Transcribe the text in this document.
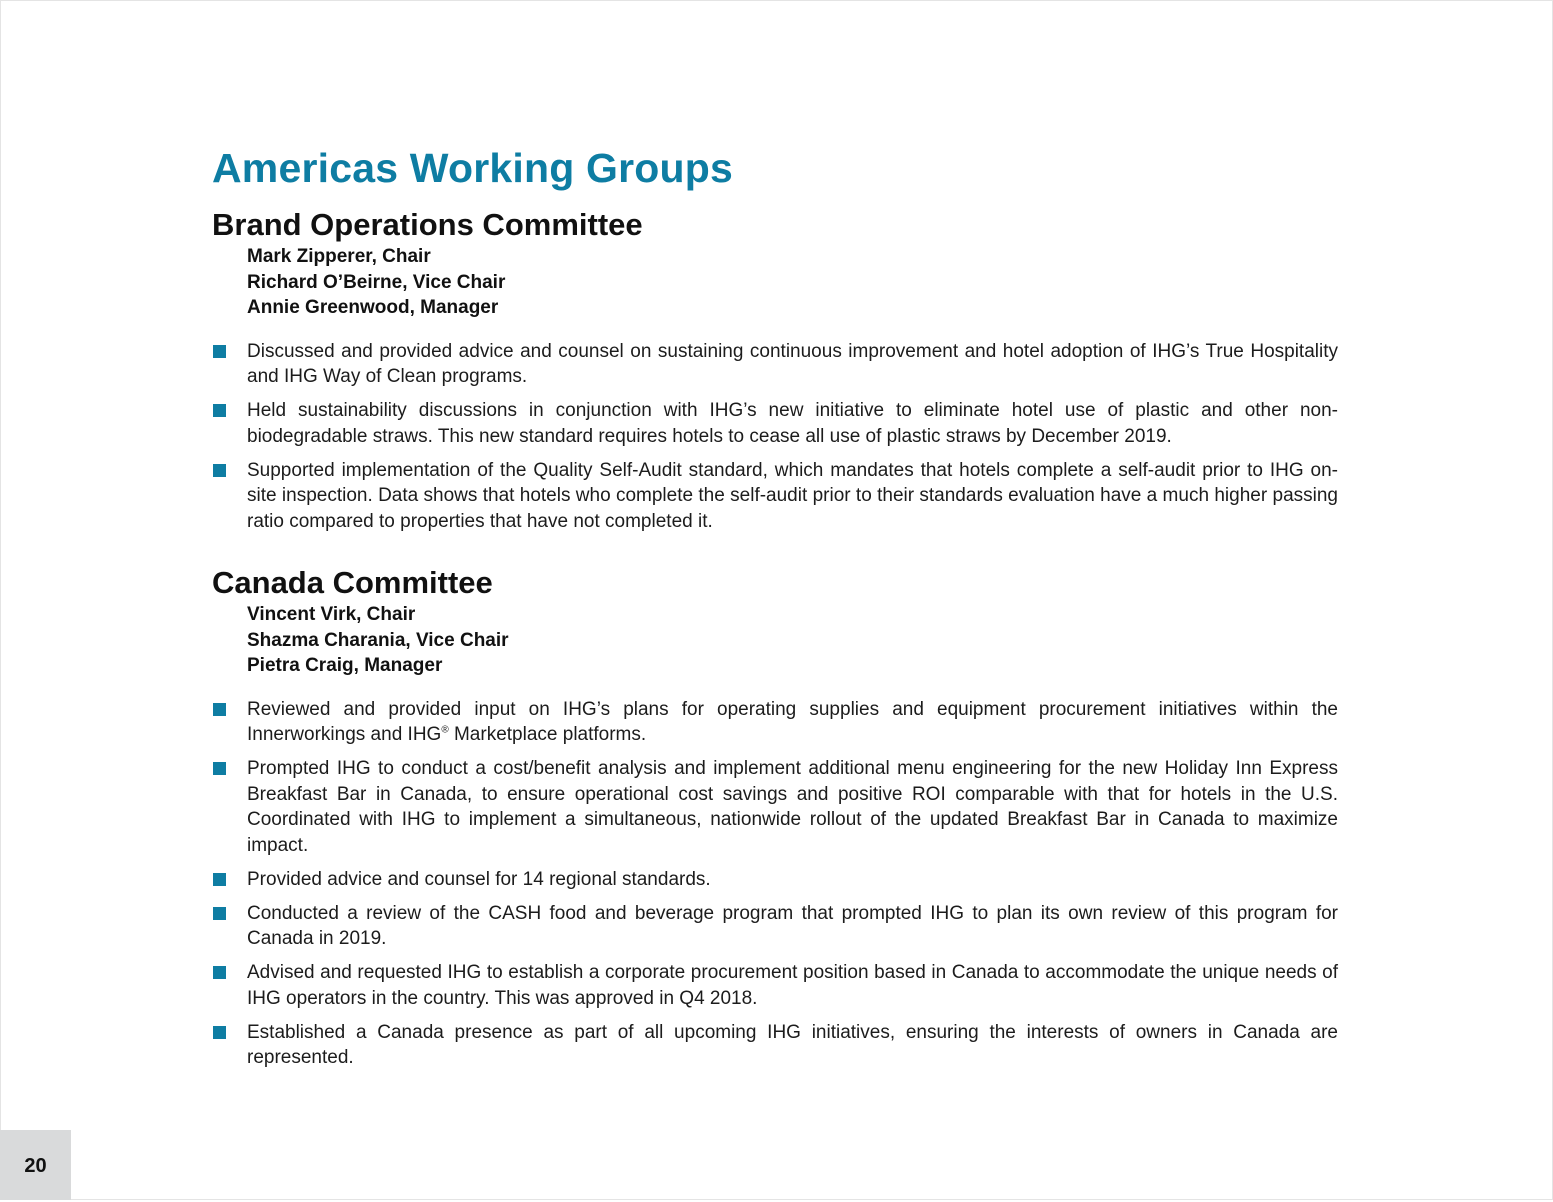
Americas Working Groups
Brand Operations Committee
Mark Zipperer, Chair
Richard O’Beirne, Vice Chair
Annie Greenwood, Manager
Discussed and provided advice and counsel on sustaining continuous improvement and hotel adoption of IHG’s True Hospitality and IHG Way of Clean programs.
Held sustainability discussions in conjunction with IHG’s new initiative to eliminate hotel use of plastic and other non-biodegradable straws. This new standard requires hotels to cease all use of plastic straws by December 2019.
Supported implementation of the Quality Self-Audit standard, which mandates that hotels complete a self-audit prior to IHG on-site inspection. Data shows that hotels who complete the self-audit prior to their standards evaluation have a much higher passing ratio compared to properties that have not completed it.
Canada Committee
Vincent Virk, Chair
Shazma Charania, Vice Chair
Pietra Craig, Manager
Reviewed and provided input on IHG’s plans for operating supplies and equipment procurement initiatives within the Innerworkings and IHG® Marketplace platforms.
Prompted IHG to conduct a cost/benefit analysis and implement additional menu engineering for the new Holiday Inn Express Breakfast Bar in Canada, to ensure operational cost savings and positive ROI comparable with that for hotels in the U.S. Coordinated with IHG to implement a simultaneous, nationwide rollout of the updated Breakfast Bar in Canada to maximize impact.
Provided advice and counsel for 14 regional standards.
Conducted a review of the CASH food and beverage program that prompted IHG to plan its own review of this program for Canada in 2019.
Advised and requested IHG to establish a corporate procurement position based in Canada to accommodate the unique needs of IHG operators in the country. This was approved in Q4 2018.
Established a Canada presence as part of all upcoming IHG initiatives, ensuring the interests of owners in Canada are represented.
20
